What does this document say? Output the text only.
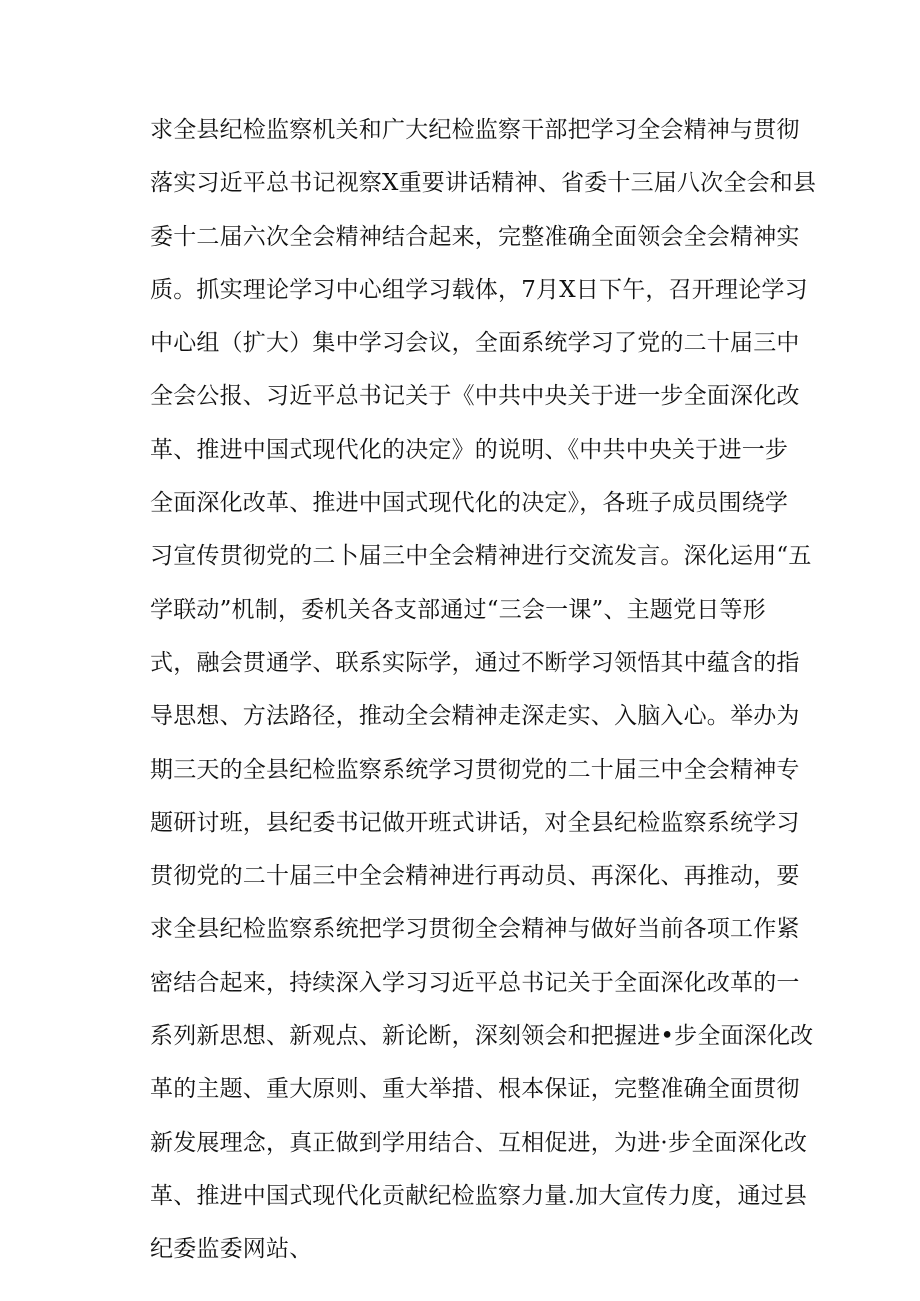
求全县纪检监察机关和广大纪检监察干部把学习全会精神与贯彻
落实习近平总书记视察X重要讲话精神、省委十三届八次全会和县
委十二届六次全会精神结合起来，完整准确全面领会全会精神实
质。抓实理论学习中心组学习载体，7月X日下午，召开理论学习
中心组（扩大）集中学习会议，全面系统学习了党的二十届三中
全会公报、习近平总书记关于《中共中央关于进一步全面深化改
革、推进中国式现代化的决定》的说明、《中共中央关于进一步
全面深化改革、推进中国式现代化的决定》，各班子成员围绕学
习宣传贯彻党的二卜届三中全会精神进行交流发言。深化运用“五
学联动”机制，委机关各支部通过“三会一课”、主题党日等形
式，融会贯通学、联系实际学，通过不断学习领悟其中蕴含的指
导思想、方法路径，推动全会精神走深走实、入脑入心。举办为
期三天的全县纪检监察系统学习贯彻党的二十届三中全会精神专
题研讨班，县纪委书记做开班式讲话，对全县纪检监察系统学习
贯彻党的二十届三中全会精神进行再动员、再深化、再推动，要
求全县纪检监察系统把学习贯彻全会精神与做好当前各项工作紧
密结合起来，持续深入学习习近平总书记关于全面深化改革的一
系列新思想、新观点、新论断，深刻领会和把握进•步全面深化改
革的主题、重大原则、重大举措、根本保证，完整准确全面贯彻
新发展理念，真正做到学用结合、互相促进，为进·步全面深化改
革、推进中国式现代化贡献纪检监察力量.加大宣传力度，通过县
纪委监委网站、
